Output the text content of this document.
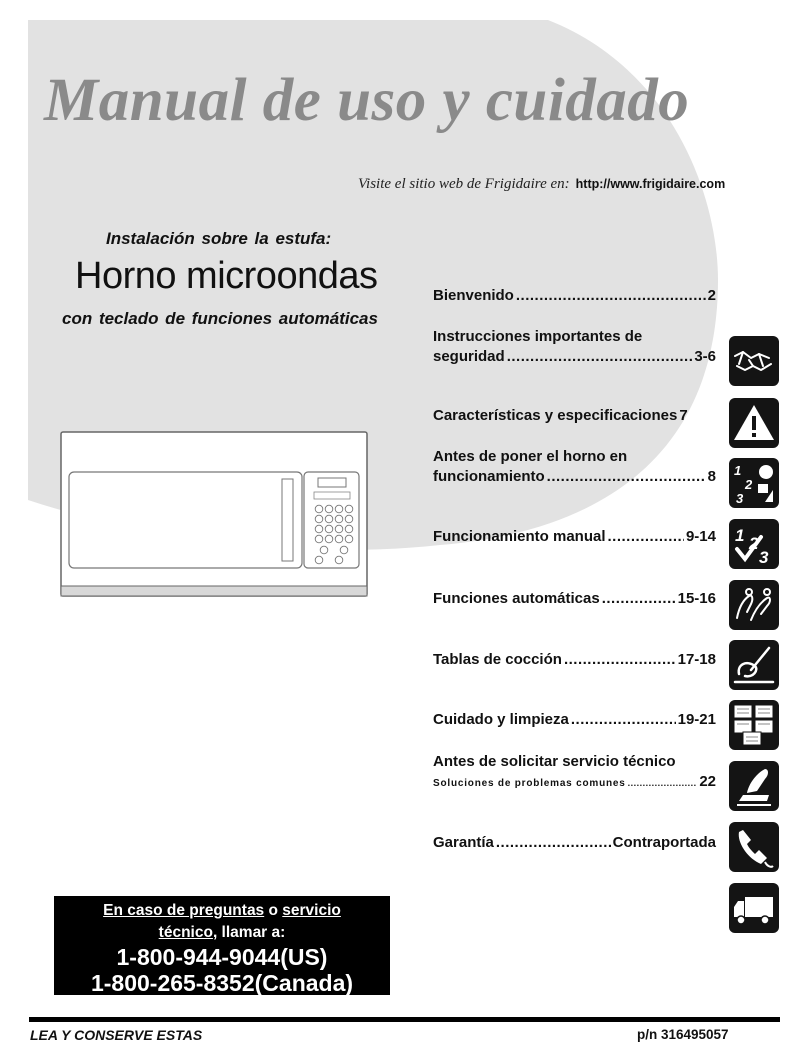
Manual de uso y cuidado
Visite el sitio web de Frigidaire en: http://www.frigidaire.com
Instalación sobre la estufa:
Horno microondas
con teclado de funciones automáticas
Bienvenido .....	2
Instrucciones importantes de
seguridad .....	3-6
Características y especificaciones 7
Antes de poner el horno en
funcionamiento .....	8
Funcionamiento manual .....	9-14
Funciones automáticas .....	15-16
Tablas de cocción .....	17-18
Cuidado y limpieza .....	19-21
Antes de solicitar servicio técnico
Soluciones de problemas comunes .....	22
Garantía .....	Contraportada
1
2
3
1
3
2
En caso de preguntas o servicio
técnico, llamar a:
1-800-944-9044(US)
1-800-265-8352(Canada)
LEA Y CONSERVE ESTAS	p/n 316495057
